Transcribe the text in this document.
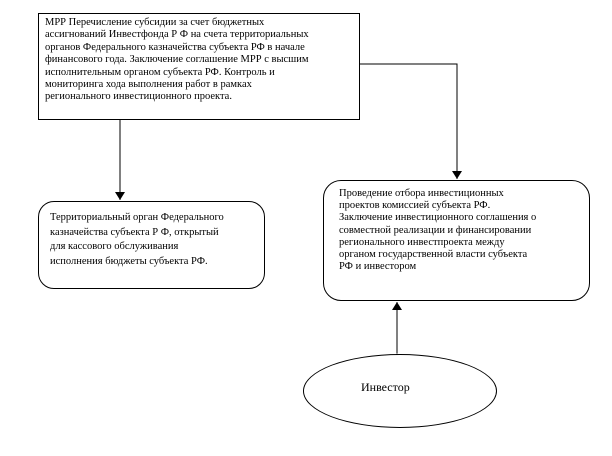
МРР Перечисление субсидии за счет бюджетных
ассигнований Инвестфонда Р Ф на счета территориальных
органов Федерального казначейства субъекта РФ в начале
финансового года. Заключение соглашение МРР с высшим
исполнительным органом субъекта РФ. Контроль и
мониторинга хода выполнения работ в рамках
регионального инвестиционного проекта.
Территориальный орган Федерального
казначейства субъекта Р Ф, открытый
для кассового обслуживания
исполнения бюджеты субъекта РФ.
Проведение отбора инвестиционных
проектов комиссией субъекта РФ.
Заключение инвестиционного соглашения о
совместной реализации и финансировании
регионального инвестпроекта между
органом государственной власти субъекта
РФ и инвестором
Инвестор
